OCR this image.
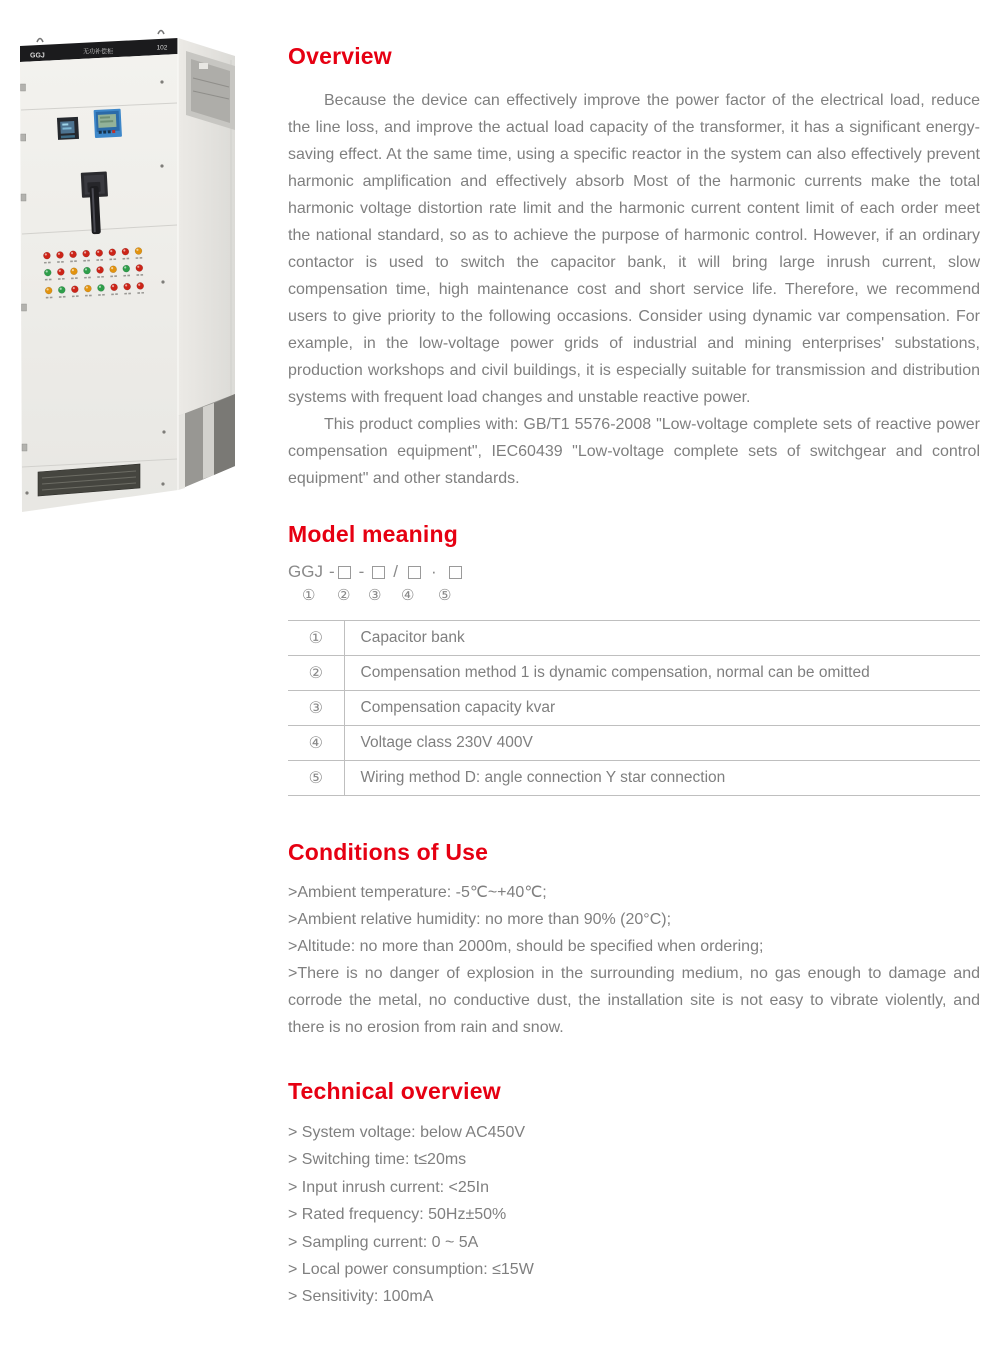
GGJ
无功补偿柜
102	Overview

Because the device can effectively improve the power factor of the electrical load, reduce the line loss, and improve the actual load capacity of the transformer, it has a significant energy-saving effect. At the same time, using a specific reactor in the system can also effectively prevent harmonic amplification and effectively absorb Most of the harmonic currents make the total harmonic voltage distortion rate limit and the harmonic current content limit of each order meet the national standard, so as to achieve the purpose of harmonic control. However, if an ordinary contactor is used to switch the capacitor bank, it will bring large inrush current, slow compensation time, high maintenance cost and short service life. Therefore, we recommend users to give priority to the following occasions. Consider using dynamic var compensation. For example, in the low-voltage power grids of industrial and mining enterprises' substations, production workshops and civil buildings, it is especially suitable for transmission and distribution systems with frequent load changes and unstable reactive power.

This product complies with: GB/T1 5576-2008 "Low-voltage complete sets of reactive power compensation equipment", IEC60439 "Low-voltage complete sets of switchgear and control equipment" and other standards.

Model meaning
GGJ - - / ·
① ② ③ ④ ⑤
①	Capacitor bank
②	Compensation method 1 is dynamic compensation, normal can be omitted
③	Compensation capacity kvar
④	Voltage class 230V 400V
⑤	Wiring method D: angle connection Y star connection
Conditions of Use
>Ambient temperature: -5℃~+40℃;
>Ambient relative humidity: no more than 90% (20°C);
>Altitude: no more than 2000m, should be specified when ordering;
>There is no danger of explosion in the surrounding medium, no gas enough to damage and corrode the metal, no conductive dust, the installation site is not easy to vibrate violently, and there is no erosion from rain and snow.
Technical overview
> System voltage: below AC450V
> Switching time: t≤20ms
> Input inrush current: <25In
> Rated frequency: 50Hz±50%
> Sampling current: 0 ~ 5A
> Local power consumption: ≤15W
> Sensitivity: 100mA
